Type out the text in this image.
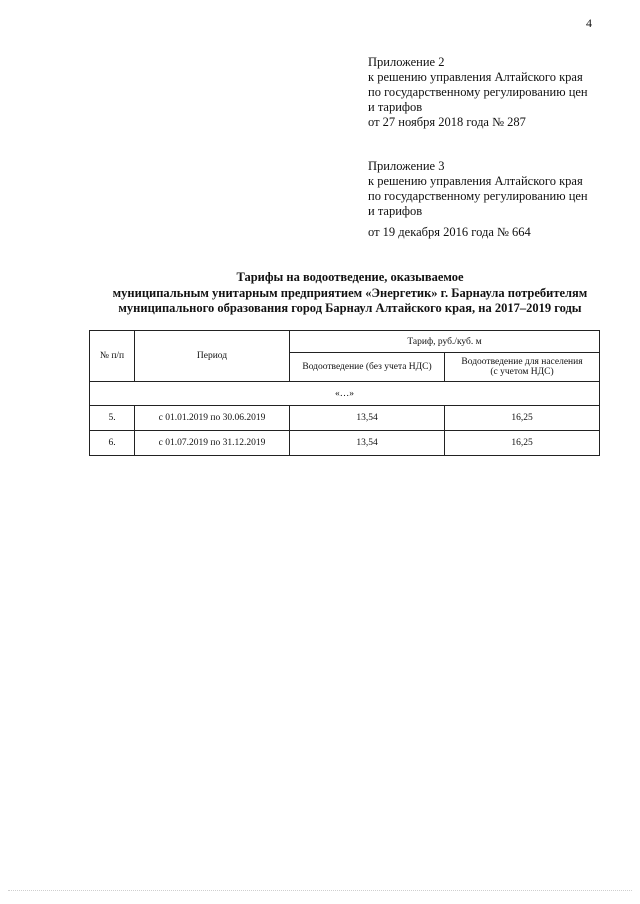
4
Приложение 2
к решению управления Алтайского края
по государственному регулированию цен
и тарифов
от 27 ноября 2018 года № 287
Приложение 3
к решению управления Алтайского края
по государственному регулированию цен
и тарифов
от 19 декабря 2016 года № 664
Тарифы на водоотведение, оказываемое
муниципальным унитарным предприятием «Энергетик» г. Барнаула потребителям
муниципального образования город Барнаул Алтайского края, на 2017–2019 годы
№ п/п	Период	Тариф, руб./куб. м	
		Водоотведение (без учета НДС)	Водоотведение для населения
(с учетом НДС)

«…»			
5.	с 01.01.2019 по 30.06.2019	13,54	16,25
6.	с 01.07.2019 по 31.12.2019	13,54	16,25
